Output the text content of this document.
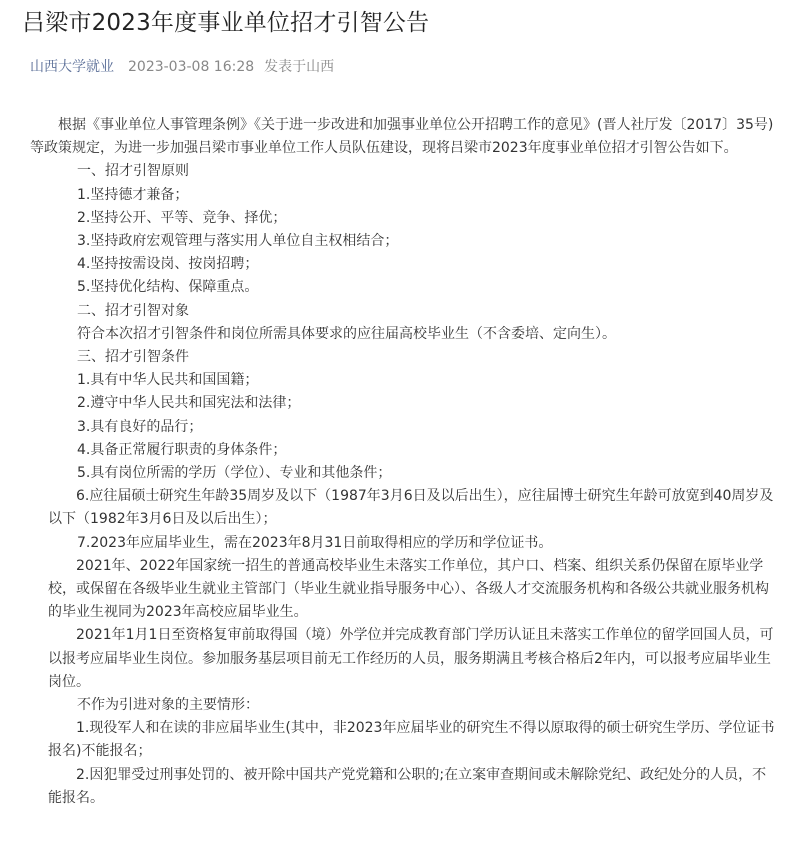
吕梁市2023年度事业单位招才引智公告
山西大学就业 2023-03-08 16:28 发表于山西

根据《事业单位人事管理条例》《关于进一步改进和加强事业单位公开招聘工作的意见》(晋人社厅发〔2017〕35号)等政策规定，为进一步加强吕梁市事业单位工作人员队伍建设，现将吕梁市2023年度事业单位招才引智公告如下。

一、招才引智原则

1.坚持德才兼备；

2.坚持公开、平等、竞争、择优；

3.坚持政府宏观管理与落实用人单位自主权相结合；

4.坚持按需设岗、按岗招聘；

5.坚持优化结构、保障重点。

二、招才引智对象

符合本次招才引智条件和岗位所需具体要求的应往届高校毕业生（不含委培、定向生）。

三、招才引智条件

1.具有中华人民共和国国籍；

2.遵守中华人民共和国宪法和法律；

3.具有良好的品行；

4.具备正常履行职责的身体条件；

5.具有岗位所需的学历（学位）、专业和其他条件；

6.应往届硕士研究生年龄35周岁及以下（1987年3月6日及以后出生），应往届博士研究生年龄可放宽到40周岁及以下（1982年3月6日及以后出生）；

7.2023年应届毕业生，需在2023年8月31日前取得相应的学历和学位证书。

2021年、2022年国家统一招生的普通高校毕业生未落实工作单位，其户口、档案、组织关系仍保留在原毕业学校，或保留在各级毕业生就业主管部门（毕业生就业指导服务中心）、各级人才交流服务机构和各级公共就业服务机构的毕业生视同为2023年高校应届毕业生。

2021年1月1日至资格复审前取得国（境）外学位并完成教育部门学历认证且未落实工作单位的留学回国人员，可以报考应届毕业生岗位。参加服务基层项目前无工作经历的人员，服务期满且考核合格后2年内，可以报考应届毕业生岗位。

不作为引进对象的主要情形：

1.现役军人和在读的非应届毕业生(其中，非2023年应届毕业的研究生不得以原取得的硕士研究生学历、学位证书报名)不能报名；

2.因犯罪受过刑事处罚的、被开除中国共产党党籍和公职的;在立案审查期间或未解除党纪、政纪处分的人员，不能报名。
